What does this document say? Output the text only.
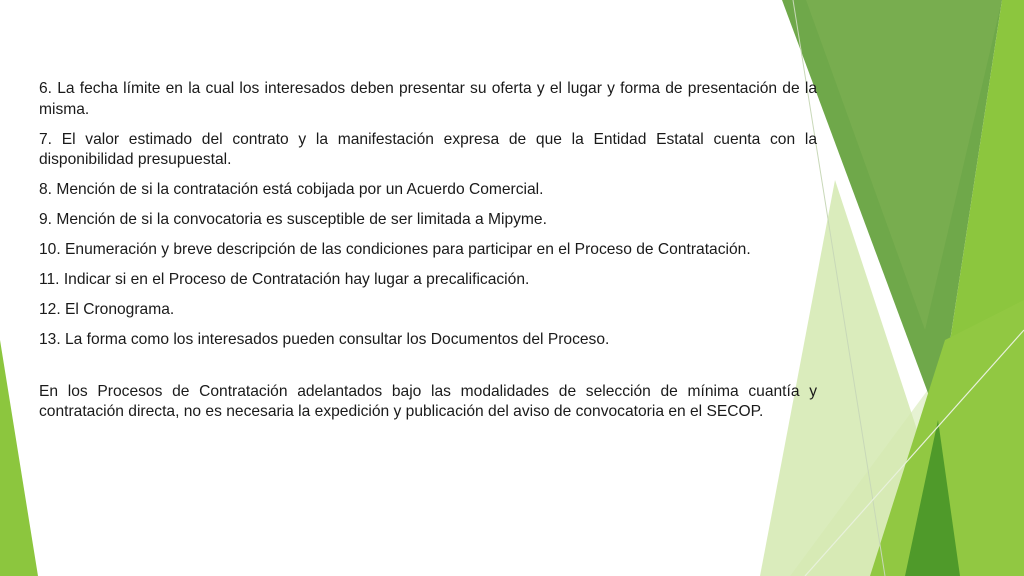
6. La fecha límite en la cual los interesados deben presentar su oferta y el lugar y forma de presentación de la misma.

7. El valor estimado del contrato y la manifestación expresa de que la Entidad Estatal cuenta con la disponibilidad presupuestal.

8. Mención de si la contratación está cobijada por un Acuerdo Comercial.

9. Mención de si la convocatoria es susceptible de ser limitada a Mipyme.

10. Enumeración y breve descripción de las condiciones para participar en el Proceso de Contratación.

11. Indicar si en el Proceso de Contratación hay lugar a precalificación.

12. El Cronograma.

13. La forma como los interesados pueden consultar los Documentos del Proceso.

En los Procesos de Contratación adelantados bajo las modalidades de selección de mínima cuantía y contratación directa, no es necesaria la expedición y publicación del aviso de convocatoria en el SECOP.
